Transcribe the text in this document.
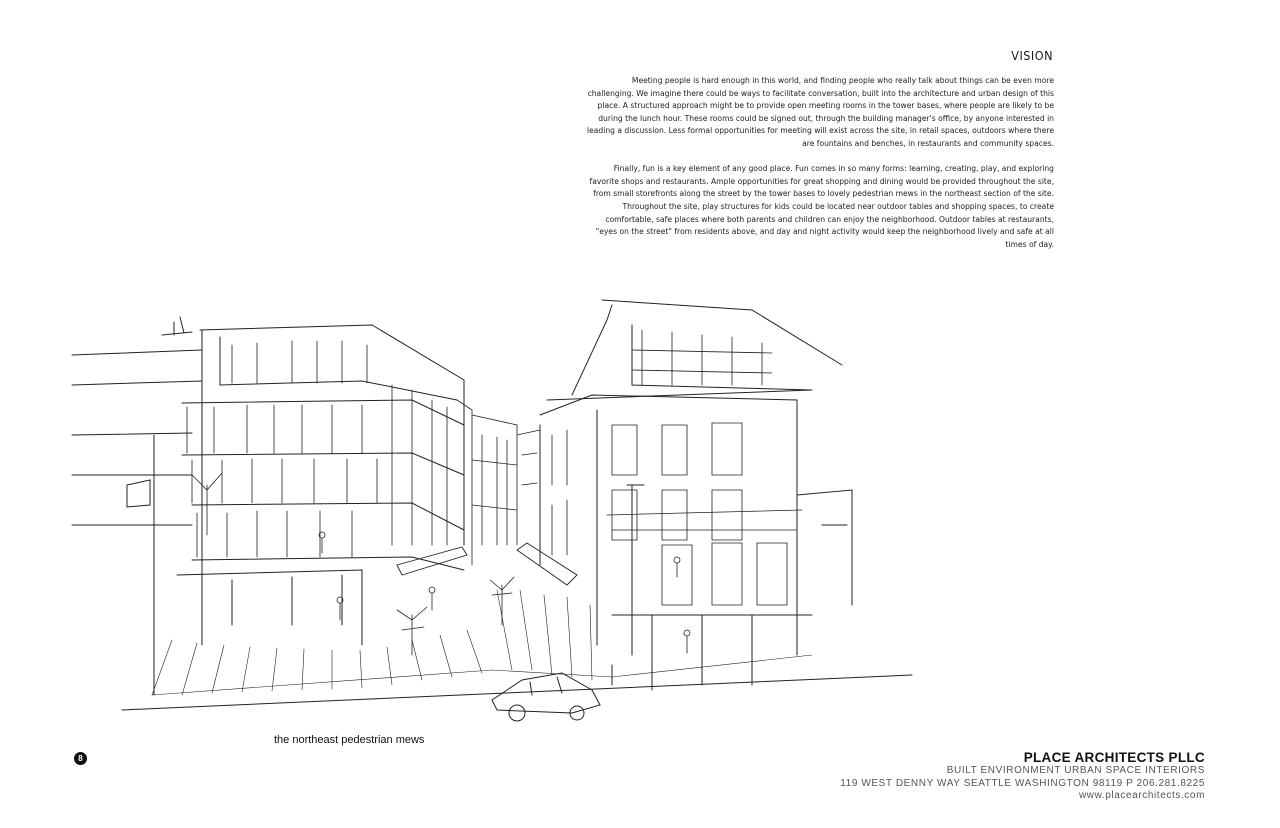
VISION

Meeting people is hard enough in this world, and finding people who really talk about things can be even more challenging. We imagine there could be ways to facilitate conversation, built into the architecture and urban design of this place. A structured approach might be to provide open meeting rooms in the tower bases, where people are likely to be during the lunch hour. These rooms could be signed out, through the building manager's office, by anyone interested in leading a discussion. Less formal opportunities for meeting will exist across the site, in retail spaces, outdoors where there are fountains and benches, in restaurants and community spaces.

Finally, fun is a key element of any good place. Fun comes in so many forms: learning, creating, play, and exploring favorite shops and restaurants. Ample opportunities for great shopping and dining would be provided throughout the site, from small storefronts along the street by the tower bases to lovely pedestrian mews in the northeast section of the site. Throughout the site, play structures for kids could be located near outdoor tables and shopping spaces, to create comfortable, safe places where both parents and children can enjoy the neighborhood. Outdoor tables at restaurants, "eyes on the street" from residents above, and day and night activity would keep the neighborhood lively and safe at all times of day.

the northeast pedestrian mews
8	PLACE ARCHITECTS PLLC
BUILT ENVIRONMENT URBAN SPACE INTERIORS
119 WEST DENNY WAY SEATTLE WASHINGTON 98119 P 206.281.8225
www.placearchitects.com
